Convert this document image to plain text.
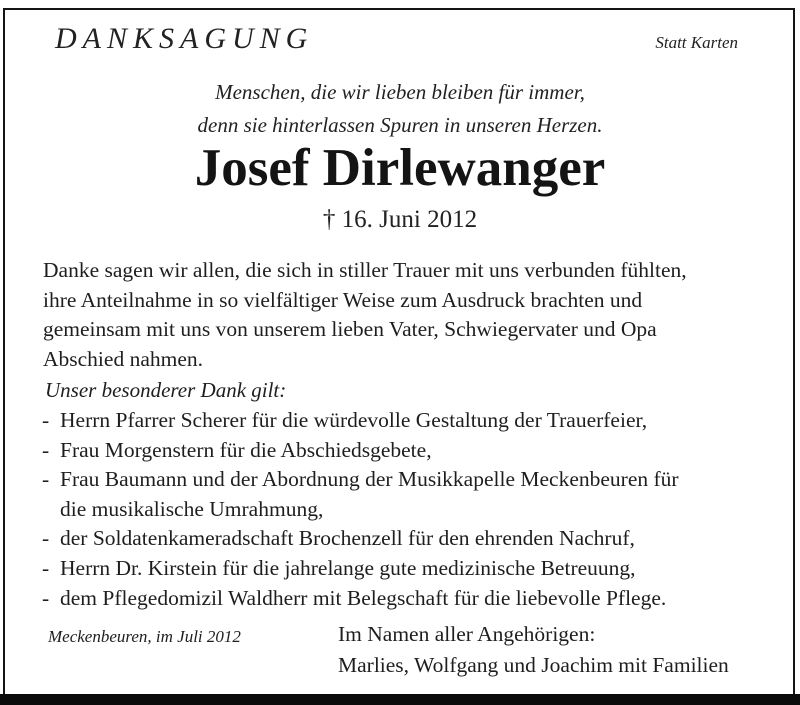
DANKSAGUNG	Statt Karten
Menschen, die wir lieben bleiben für immer,
denn sie hinterlassen Spuren in unseren Herzen.
Josef Dirlewanger
† 16. Juni 2012
Danke sagen wir allen, die sich in stiller Trauer mit uns verbunden fühlten,
ihre Anteilnahme in so vielfältiger Weise zum Ausdruck brachten und
gemeinsam mit uns von unserem lieben Vater, Schwiegervater und Opa
Abschied nahmen.
Unser besonderer Dank gilt:
- Herrn Pfarrer Scherer für die würdevolle Gestaltung der Trauerfeier,
- Frau Morgenstern für die Abschiedsgebete,
- Frau Baumann und der Abordnung der Musikkapelle Meckenbeuren für
die musikalische Umrahmung,
- der Soldatenkameradschaft Brochenzell für den ehrenden Nachruf,
- Herrn Dr. Kirstein für die jahrelange gute medizinische Betreuung,
- dem Pflegedomizil Waldherr mit Belegschaft für die liebevolle Pflege.
Meckenbeuren, im Juli 2012	Im Namen aller Angehörigen:
Marlies, Wolfgang und Joachim mit Familien
